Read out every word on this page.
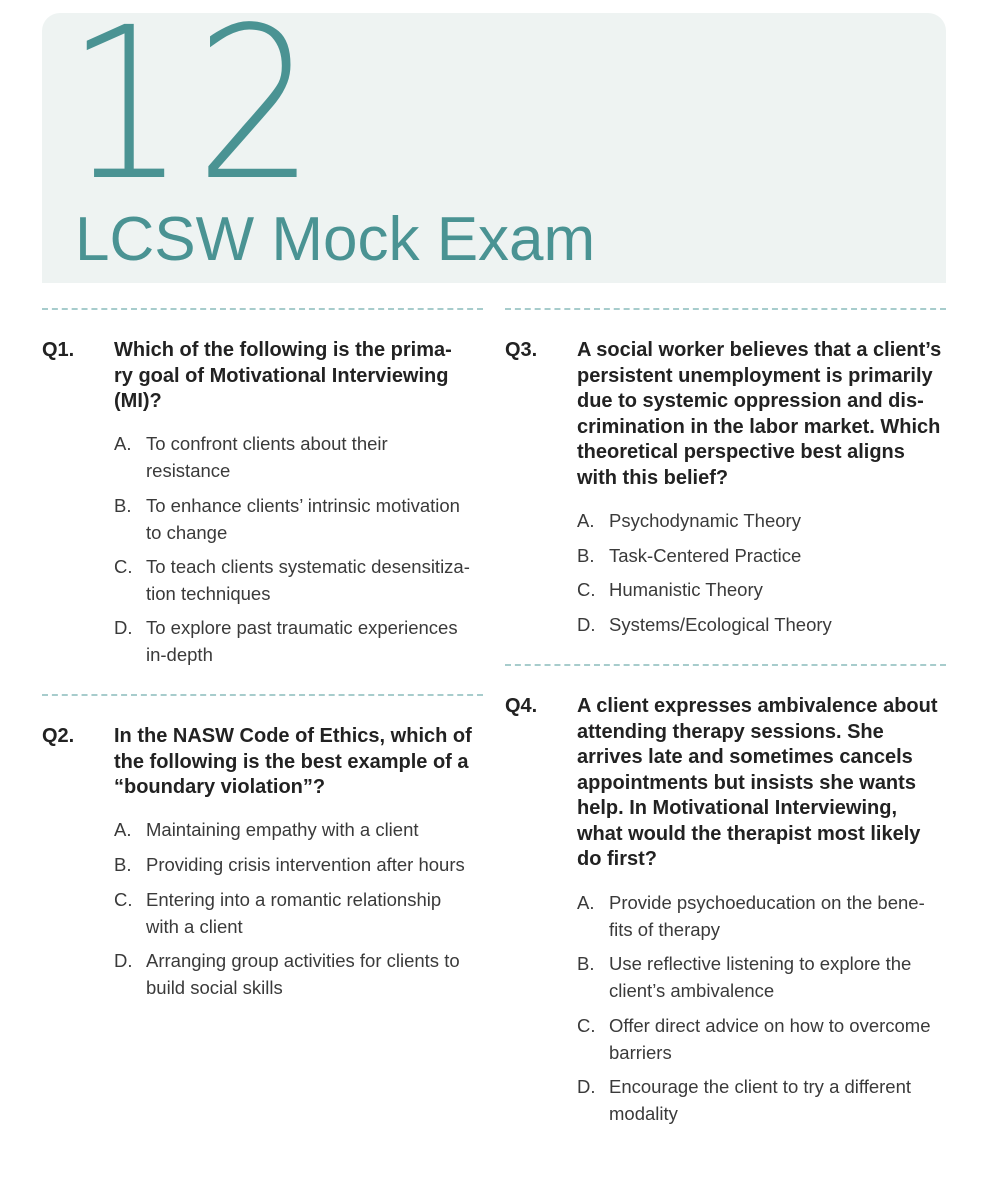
12
LCSW Mock Exam
Q1. Which of the following is the prima-
ry goal of Motivational Interviewing
(MI)?
A. To confront clients about their
resistance
B. To enhance clients’ intrinsic motivation
to change
C. To teach clients systematic desensitiza-
tion techniques
D. To explore past traumatic experiences
in-depth
Q2. In the NASW Code of Ethics, which of
the following is the best example of a
“boundary violation”?
A. Maintaining empathy with a client
B. Providing crisis intervention after hours
C. Entering into a romantic relationship
with a client
D. Arranging group activities for clients to
build social skills
Q3. A social worker believes that a client’s
persistent unemployment is primarily
due to systemic oppression and dis-
crimination in the labor market. Which
theoretical perspective best aligns
with this belief?
A. Psychodynamic Theory
B. Task-Centered Practice
C. Humanistic Theory
D. Systems/Ecological Theory
Q4. A client expresses ambivalence about
attending therapy sessions. She
arrives late and sometimes cancels
appointments but insists she wants
help. In Motivational Interviewing,
what would the therapist most likely
do first?
A. Provide psychoeducation on the bene-
fits of therapy
B. Use reflective listening to explore the
client’s ambivalence
C. Offer direct advice on how to overcome
barriers
D. Encourage the client to try a different
modality
